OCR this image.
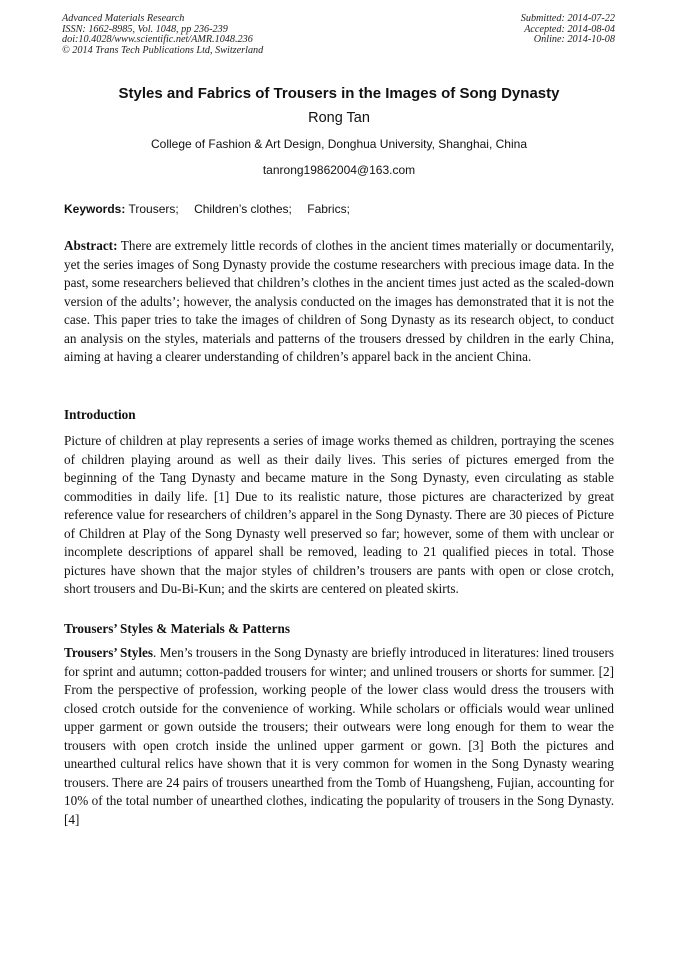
Advanced Materials Research
ISSN: 1662-8985, Vol. 1048, pp 236-239
doi:10.4028/www.scientific.net/AMR.1048.236
© 2014 Trans Tech Publications Ltd, Switzerland
Submitted: 2014-07-22
Accepted: 2014-08-04
Online: 2014-10-08
Styles and Fabrics of Trousers in the Images of Song Dynasty
Rong Tan
College of Fashion & Art Design, Donghua University, Shanghai, China
tanrong19862004@163.com
Keywords: Trousers; Children’s clothes; Fabrics;
Abstract: There are extremely little records of clothes in the ancient times materially or documentarily, yet the series images of Song Dynasty provide the costume researchers with precious image data. In the past, some researchers believed that children’s clothes in the ancient times just acted as the scaled-down version of the adults’; however, the analysis conducted on the images has demonstrated that it is not the case. This paper tries to take the images of children of Song Dynasty as its research object, to conduct an analysis on the styles, materials and patterns of the trousers dressed by children in the early China, aiming at having a clearer understanding of children’s apparel back in the ancient China.
Introduction
Picture of children at play represents a series of image works themed as children, portraying the scenes of children playing around as well as their daily lives. This series of pictures emerged from the beginning of the Tang Dynasty and became mature in the Song Dynasty, even circulating as stable commodities in daily life. [1] Due to its realistic nature, those pictures are characterized by great reference value for researchers of children’s apparel in the Song Dynasty. There are 30 pieces of Picture of Children at Play of the Song Dynasty well preserved so far; however, some of them with unclear or incomplete descriptions of apparel shall be removed, leading to 21 qualified pieces in total. Those pictures have shown that the major styles of children’s trousers are pants with open or close crotch, short trousers and Du-Bi-Kun; and the skirts are centered on pleated skirts.
Trousers’ Styles & Materials & Patterns
Trousers’ Styles. Men’s trousers in the Song Dynasty are briefly introduced in literatures: lined trousers for sprint and autumn; cotton-padded trousers for winter; and unlined trousers or shorts for summer. [2] From the perspective of profession, working people of the lower class would dress the trousers with closed crotch outside for the convenience of working. While scholars or officials would wear unlined upper garment or gown outside the trousers; their outwears were long enough for them to wear the trousers with open crotch inside the unlined upper garment or gown. [3] Both the pictures and unearthed cultural relics have shown that it is very common for women in the Song Dynasty wearing trousers. There are 24 pairs of trousers unearthed from the Tomb of Huangsheng, Fujian, accounting for 10% of the total number of unearthed clothes, indicating the popularity of trousers in the Song Dynasty. [4]
